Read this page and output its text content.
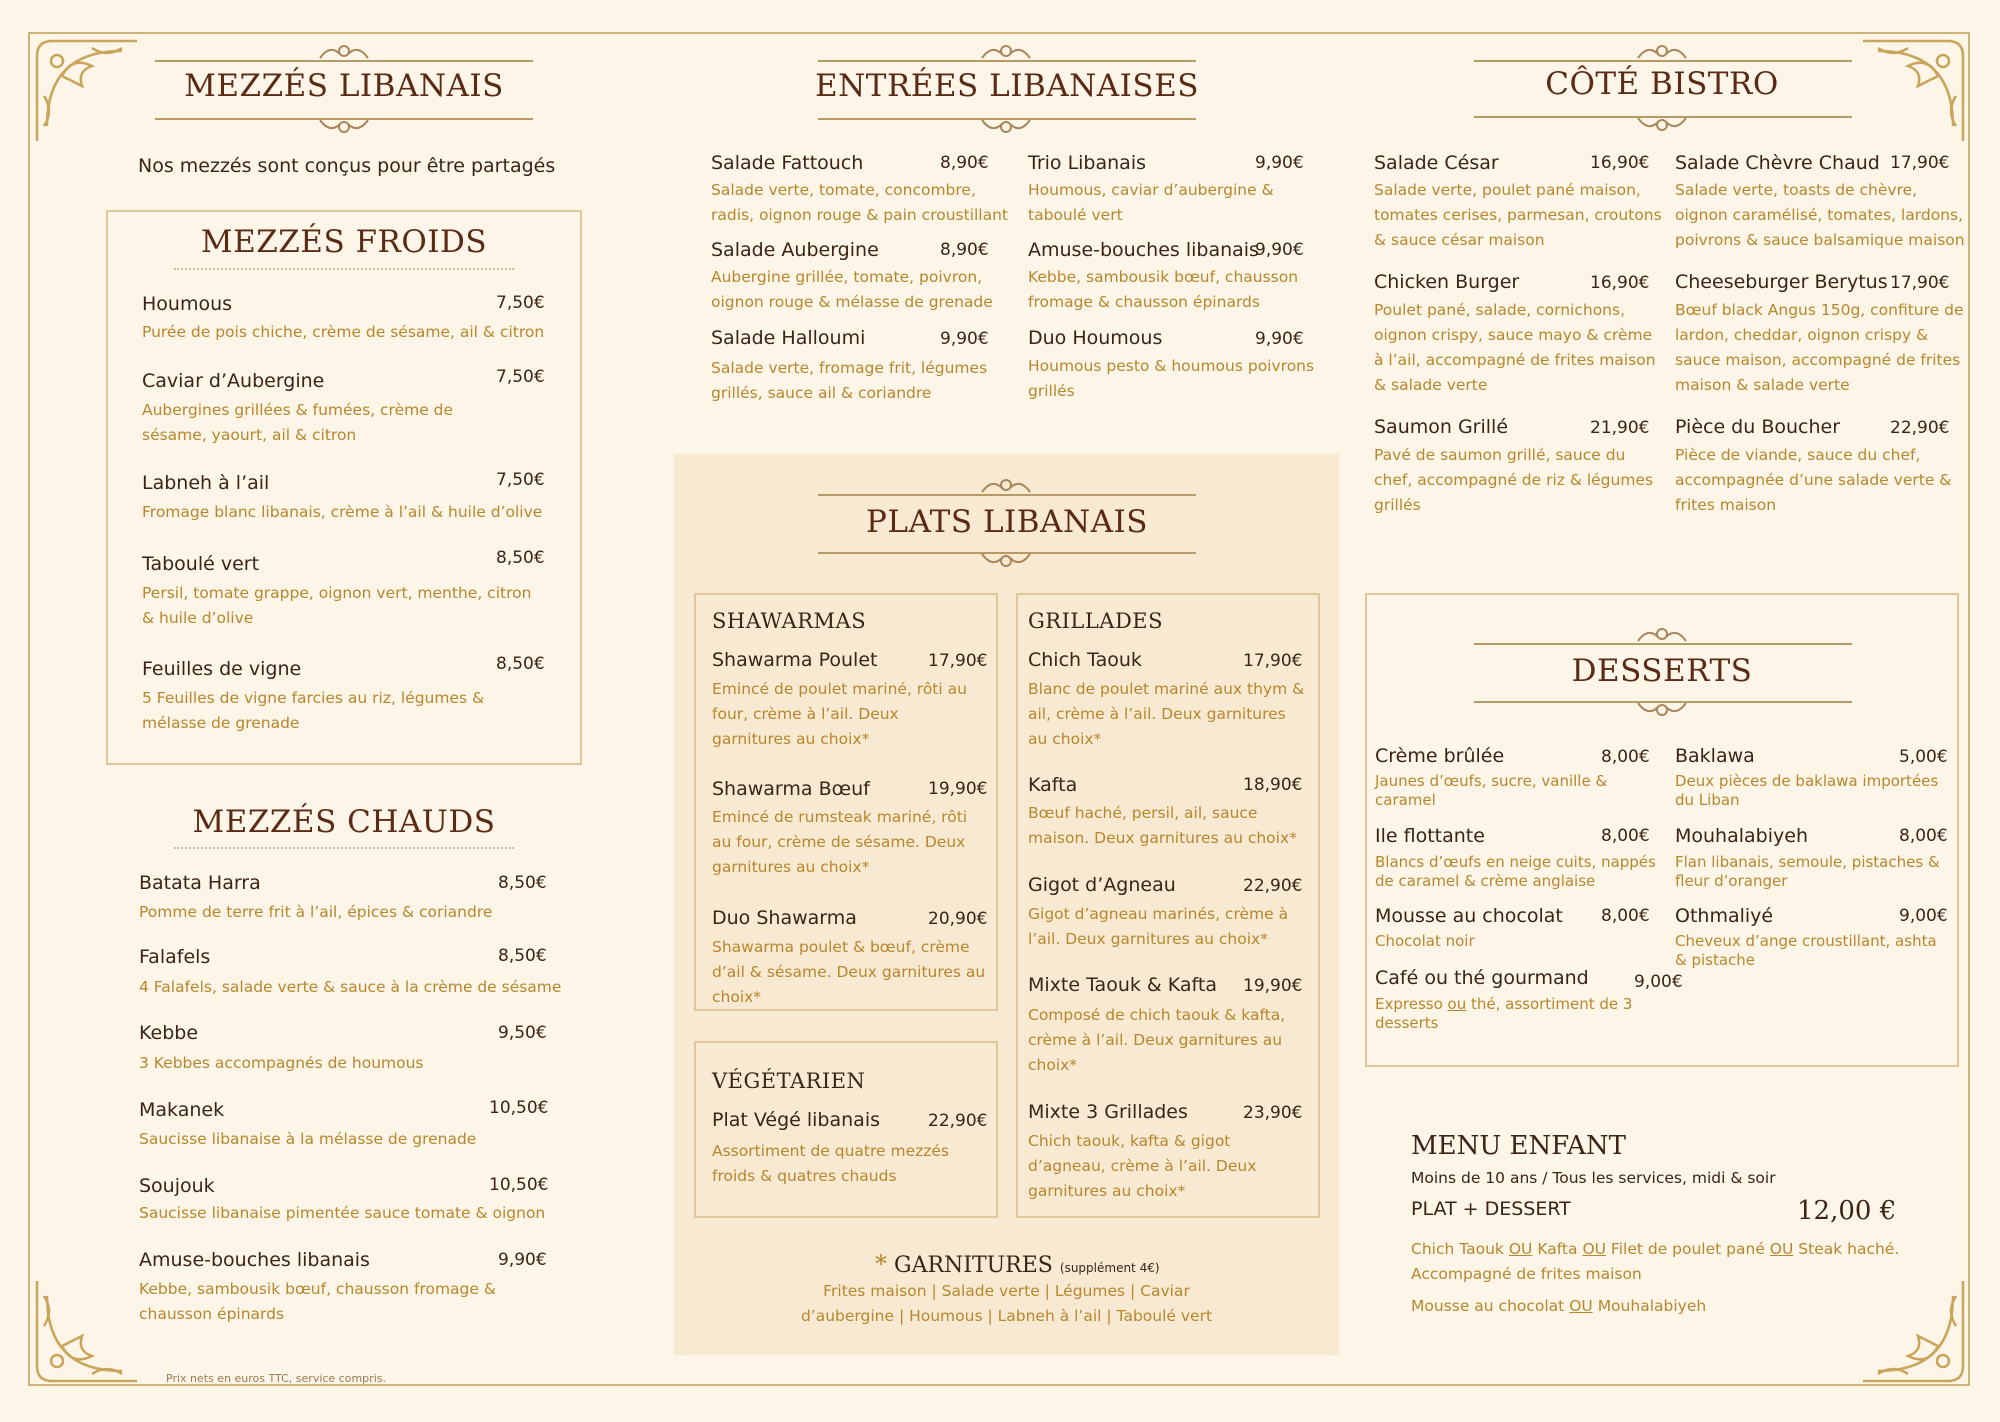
MEZZÉS LIBANAIS
Nos mezzés sont conçus pour être partagés
MEZZÉS FROIDS
Houmous	7,50€
Purée de pois chiche, crème de sésame, ail & citron
Caviar d’Aubergine	7,50€
Aubergines grillées & fumées, crème de sésame, yaourt, ail & citron
Labneh à l’ail	7,50€
Fromage blanc libanais, crème à l’ail & huile d’olive
Taboulé vert	8,50€
Persil, tomate grappe, oignon vert, menthe, citron & huile d’olive
Feuilles de vigne	8,50€
5 Feuilles de vigne farcies au riz, légumes & mélasse de grenade
MEZZÉS CHAUDS
Batata Harra	8,50€
Pomme de terre frit à l’ail, épices & coriandre
Falafels	8,50€
4 Falafels, salade verte & sauce à la crème de sésame
Kebbe	9,50€
3 Kebbes accompagnés de houmous
Makanek	10,50€
Saucisse libanaise à la mélasse de grenade
Soujouk	10,50€
Saucisse libanaise pimentée sauce tomate & oignon
Amuse-bouches libanais	9,90€
Kebbe, sambousik bœuf, chausson fromage & chausson épinards
Prix nets en euros TTC, service compris.
ENTRÉES LIBANAISES
Salade Fattouch	8,90€
Salade verte, tomate, concombre, radis, oignon rouge & pain croustillant
Salade Aubergine	8,90€
Aubergine grillée, tomate, poivron, oignon rouge & mélasse de grenade
Salade Halloumi	9,90€
Salade verte, fromage frit, légumes grillés, sauce ail & coriandre
Trio Libanais	9,90€
Houmous, caviar d’aubergine & taboulé vert
Amuse-bouches libanais
9,90€
Kebbe, sambousik bœuf, chausson fromage & chausson épinards
Duo Houmous	9,90€
Houmous pesto & houmous poivrons grillés
PLATS LIBANAIS
SHAWARMAS
Shawarma Poulet	17,90€
Emincé de poulet mariné, rôti au four, crème à l’ail. Deux garnitures au choix*
Shawarma Bœuf	19,90€
Emincé de rumsteak mariné, rôti au four, crème de sésame. Deux garnitures au choix*
Duo Shawarma	20,90€
Shawarma poulet & bœuf, crème d’ail & sésame. Deux garnitures au choix*
VÉGÉTARIEN
Plat Végé libanais	22,90€
Assortiment de quatre mezzés froids & quatres chauds
GRILLADES
Chich Taouk	17,90€
Blanc de poulet mariné aux thym & ail, crème à l’ail. Deux garnitures au choix*
Kafta	18,90€
Bœuf haché, persil, ail, sauce maison. Deux garnitures au choix*
Gigot d’Agneau	22,90€
Gigot d’agneau marinés, crème à l’ail. Deux garnitures au choix*
Mixte Taouk & Kafta 19,90€
Composé de chich taouk & kafta, crème à l’ail. Deux garnitures au choix*
Mixte 3 Grillades	23,90€
Chich taouk, kafta & gigot d’agneau, crème à l’ail. Deux garnitures au choix*
* GARNITURES (supplément 4€)
Frites maison | Salade verte | Légumes | Caviar
d’aubergine | Houmous | Labneh à l’ail | Taboulé vert
CÔTÉ BISTRO
Salade César	16,90€
Salade verte, poulet pané maison, tomates cerises, parmesan, croutons & sauce césar maison
Chicken Burger	16,90€
Poulet pané, salade, cornichons, oignon crispy, sauce mayo & crème à l’ail, accompagné de frites maison & salade verte
Saumon Grillé	21,90€
Pavé de saumon grillé, sauce du chef, accompagné de riz & légumes grillés
Salade Chèvre Chaud 17,90€
Salade verte, toasts de chèvre, oignon caramélisé, tomates, lardons, poivrons & sauce balsamique maison
Cheeseburger Berytus 17,90€
Bœuf black Angus 150g, confiture de lardon, cheddar, oignon crispy & sauce maison, accompagné de frites maison & salade verte
Pièce du Boucher	22,90€
Pièce de viande, sauce du chef, accompagnée d’une salade verte & frites maison
DESSERTS
Crème brûlée	8,00€
Jaunes d’œufs, sucre, vanille & caramel
Ile flottante	8,00€
Blancs d’œufs en neige cuits, nappés de caramel & crème anglaise
Mousse au chocolat 8,00€
Chocolat noir
Café ou thé gourmand	9,00€
Expresso ou thé, assortiment de 3 desserts
Baklawa	5,00€
Deux pièces de baklawa importées du Liban
Mouhalabiyeh	8,00€
Flan libanais, semoule, pistaches & fleur d’oranger
Othmaliyé	9,00€
Cheveux d’ange croustillant, ashta & pistache
MENU ENFANT
Moins de 10 ans / Tous les services, midi & soir
PLAT + DESSERT	12,00 €
Chich Taouk OU Kafta OU Filet de poulet pané OU Steak haché.
Accompagné de frites maison
Mousse au chocolat OU Mouhalabiyeh
